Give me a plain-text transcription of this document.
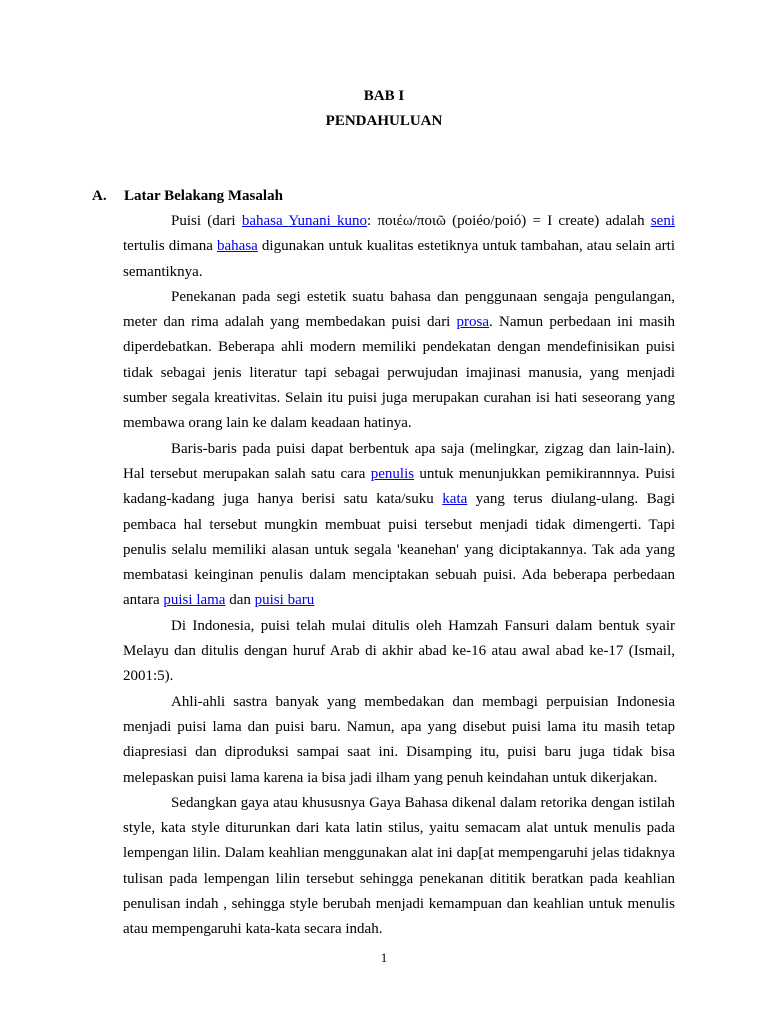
BAB I
PENDAHULUAN
A. Latar Belakang Masalah

Puisi (dari bahasa Yunani kuno: ποιέω/ποιῶ (poiéo/poió) = I create) adalah seni tertulis dimana bahasa digunakan untuk kualitas estetiknya untuk tambahan, atau selain arti semantiknya.

Penekanan pada segi estetik suatu bahasa dan penggunaan sengaja pengulangan, meter dan rima adalah yang membedakan puisi dari prosa. Namun perbedaan ini masih diperdebatkan. Beberapa ahli modern memiliki pendekatan dengan mendefinisikan puisi tidak sebagai jenis literatur tapi sebagai perwujudan imajinasi manusia, yang menjadi sumber segala kreativitas. Selain itu puisi juga merupakan curahan isi hati seseorang yang membawa orang lain ke dalam keadaan hatinya.

Baris-baris pada puisi dapat berbentuk apa saja (melingkar, zigzag dan lain-lain). Hal tersebut merupakan salah satu cara penulis untuk menunjukkan pemikirannnya. Puisi kadang-kadang juga hanya berisi satu kata/suku kata yang terus diulang-ulang. Bagi pembaca hal tersebut mungkin membuat puisi tersebut menjadi tidak dimengerti. Tapi penulis selalu memiliki alasan untuk segala 'keanehan' yang diciptakannya. Tak ada yang membatasi keinginan penulis dalam menciptakan sebuah puisi. Ada beberapa perbedaan antara puisi lama dan puisi baru

Di Indonesia, puisi telah mulai ditulis oleh Hamzah Fansuri dalam bentuk syair Melayu dan ditulis dengan huruf Arab di akhir abad ke-16 atau awal abad ke-17 (Ismail, 2001:5).

Ahli-ahli sastra banyak yang membedakan dan membagi perpuisian Indonesia menjadi puisi lama dan puisi baru. Namun, apa yang disebut puisi lama itu masih tetap diapresiasi dan diproduksi sampai saat ini. Disamping itu, puisi baru juga tidak bisa melepaskan puisi lama karena ia bisa jadi ilham yang penuh keindahan untuk dikerjakan.

Sedangkan gaya atau khususnya Gaya Bahasa dikenal dalam retorika dengan istilah style, kata style diturunkan dari kata latin stilus, yaitu semacam alat untuk menulis pada lempengan lilin. Dalam keahlian menggunakan alat ini dap[at mempengaruhi jelas tidaknya tulisan pada lempengan lilin tersebut sehingga penekanan dititik beratkan pada keahlian penulisan indah , sehingga style berubah menjadi kemampuan dan keahlian untuk menulis atau mempengaruhi kata-kata secara indah.

1
